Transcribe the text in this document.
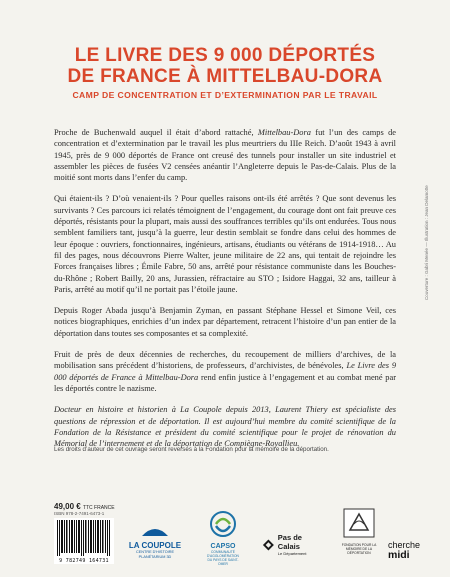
LE LIVRE DES 9 000 DÉPORTÉS
DE FRANCE À MITTELBAU-DORA
CAMP DE CONCENTRATION ET D’EXTERMINATION PAR LE TRAVAIL

Proche de Buchenwald auquel il était d’abord rattaché, Mittelbau-Dora fut l’un des camps de concentration et d’extermination par le travail les plus meurtriers du IIIe Reich. D’août 1943 à avril 1945, près de 9 000 déportés de France ont creusé des tunnels pour installer un site industriel et assembler les pièces de fusées V2 censées anéantir l’Angleterre depuis le Pas-de-Calais. Plus de la moitié sont morts dans l’enfer du camp.

Qui étaient-ils ? D’où venaient-ils ? Pour quelles raisons ont-ils été arrêtés ? Que sont devenus les survivants ? Ces parcours ici relatés témoignent de l’engagement, du courage dont ont fait preuve ces déportés, résistants pour la plupart, mais aussi des souffrances terribles qu’ils ont endurées. Tous nous semblent familiers tant, jusqu’à la guerre, leur destin semblait se fondre dans celui des hommes de leur époque : ouvriers, fonctionnaires, ingénieurs, artisans, étudiants ou vétérans de 1914-1918… Au fil des pages, nous découvrons Pierre Walter, jeune militaire de 22 ans, qui tentait de rejoindre les Forces françaises libres ; Émile Fabre, 50 ans, arrêté pour résistance communiste dans les Bouches-du-Rhône ; Robert Bailly, 20 ans, Jurassien, réfractaire au STO ; Isidore Haggai, 32 ans, tailleur à Paris, arrêté au motif qu’il ne portait pas l’étoile jaune.

Depuis Roger Abada jusqu’à Benjamin Zyman, en passant Stéphane Hessel et Simone Veil, ces notices biographiques, enrichies d’un index par département, retracent l’histoire d’un pan entier de la déportation dans toutes ses composantes et sa complexité.

Fruit de près de deux décennies de recherches, du recoupement de milliers d’archives, de la mobilisation sans précédent d’historiens, de professeurs, d’archivistes, de bénévoles, Le Livre des 9 000 déportés de France à Mittelbau-Dora rend enfin justice à l’engagement et au combat mené par les déportés contre le nazisme.

Docteur en histoire et historien à La Coupole depuis 2013, Laurent Thiery est spécialiste des questions de répression et de déportation. Il est aujourd’hui membre du comité scientifique de la Fondation de la Résistance et président du comité scientifique pour le projet de rénovation du Mémorial de l’internement et de la déportation de Compiègne-Royallieu.

Les droits d’auteur de cet ouvrage seront reversés à la Fondation pour la mémoire de la déportation.
Couverture : Gabri Menée — Illustration : Jean Delamotte
49,00 € TTC FRANCE
ISBN 978-2-7491-6473-1
9 782749 164731
LA COUPOLE
CENTRE D'HISTOIRE PLANÉTARIUM 3D
CAPSO
COMMUNAUTÉ D'AGGLOMÉRATION DU PAYS DE SAINT-OMER
Pas de Calais
Le Département
FONDATION POUR LA MÉMOIRE DE LA DÉPORTATION
cherche
midi
